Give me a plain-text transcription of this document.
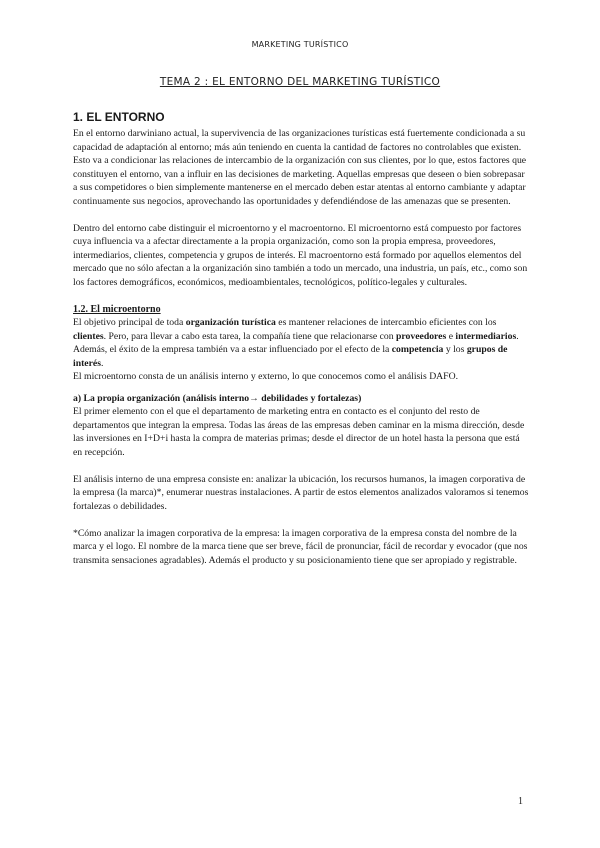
MARKETING TURÍSTICO
TEMA 2 : EL ENTORNO DEL MARKETING TURÍSTICO
1. EL ENTORNO

En el entorno darwiniano actual, la supervivencia de las organizaciones turísticas está fuertemente condicionada a su capacidad de adaptación al entorno; más aún teniendo en cuenta la cantidad de factores no controlables que existen. Esto va a condicionar las relaciones de intercambio de la organización con sus clientes, por lo que, estos factores que constituyen el entorno, van a influir en las decisiones de marketing. Aquellas empresas que deseen o bien sobrepasar a sus competidores o bien simplemente mantenerse en el mercado deben estar atentas al entorno cambiante y adaptar continuamente sus negocios, aprovechando las oportunidades y defendiéndose de las amenazas que se presenten.

Dentro del entorno cabe distinguir el microentorno y el macroentorno. El microentorno está compuesto por factores cuya influencia va a afectar directamente a la propia organización, como son la propia empresa, proveedores, intermediarios, clientes, competencia y grupos de interés. El macroentorno está formado por aquellos elementos del mercado que no sólo afectan a la organización sino también a todo un mercado, una industria, un país, etc., como son los factores demográficos, económicos, medioambientales, tecnológicos, político-legales y culturales.

1.2. El microentorno

El objetivo principal de toda organización turística es mantener relaciones de intercambio eficientes con los clientes. Pero, para llevar a cabo esta tarea, la compañía tiene que relacionarse con proveedores e intermediarios. Además, el éxito de la empresa también va a estar influenciado por el efecto de la competencia y los grupos de interés.

El microentorno consta de un análisis interno y externo, lo que conocemos como el análisis DAFO.

a) La propia organización (análisis interno→ debilidades y fortalezas)

El primer elemento con el que el departamento de marketing entra en contacto es el conjunto del resto de departamentos que integran la empresa. Todas las áreas de las empresas deben caminar en la misma dirección, desde las inversiones en I+D+i hasta la compra de materias primas; desde el director de un hotel hasta la persona que está en recepción.

El análisis interno de una empresa consiste en: analizar la ubicación, los recursos humanos, la imagen corporativa de la empresa (la marca)*, enumerar nuestras instalaciones. A partir de estos elementos analizados valoramos si tenemos fortalezas o debilidades.

*Cómo analizar la imagen corporativa de la empresa: la imagen corporativa de la empresa consta del nombre de la marca y el logo. El nombre de la marca tiene que ser breve, fácil de pronunciar, fácil de recordar y evocador (que nos transmita sensaciones agradables). Además el producto y su posicionamiento tiene que ser apropiado y registrable.

1
